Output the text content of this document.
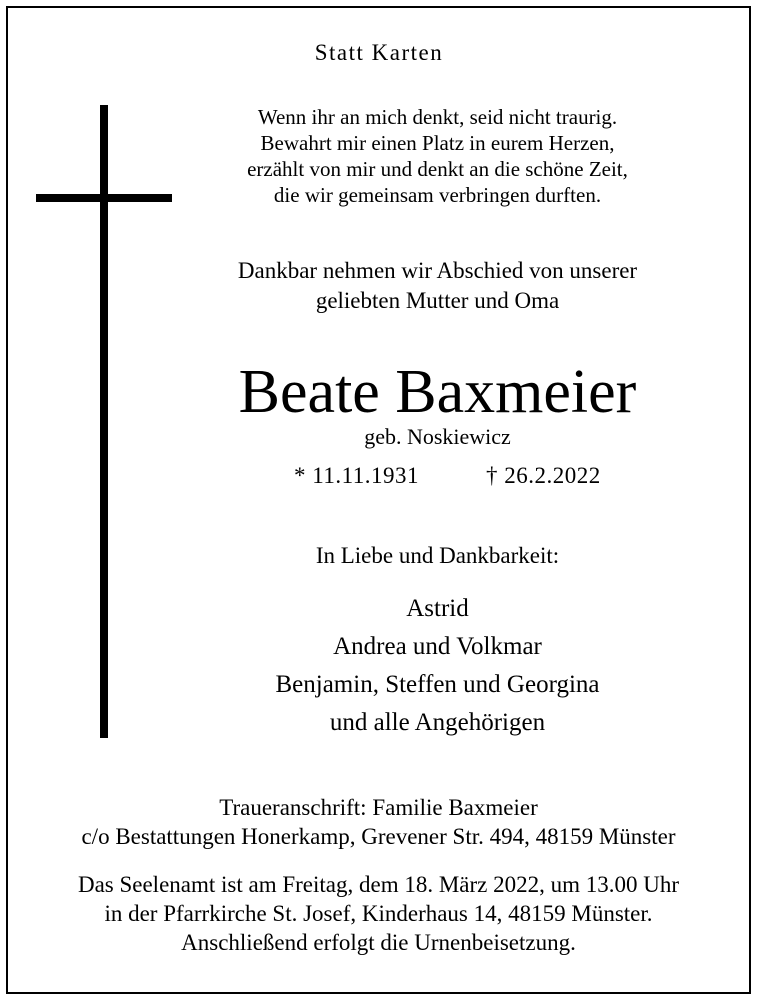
Statt Karten
Wenn ihr an mich denkt, seid nicht traurig.
Bewahrt mir einen Platz in eurem Herzen,
erzählt von mir und denkt an die schöne Zeit,
die wir gemeinsam verbringen durften.
Dankbar nehmen wir Abschied von unserer
geliebten Mutter und Oma
Beate Baxmeier
geb. Noskiewicz
* 11.11.1931	† 26.2.2022
In Liebe und Dankbarkeit:
Astrid
Andrea und Volkmar
Benjamin, Steffen und Georgina
und alle Angehörigen
Traueranschrift: Familie Baxmeier
c/o Bestattungen Honerkamp, Grevener Str. 494, 48159 Münster
Das Seelenamt ist am Freitag, dem 18. März 2022, um 13.00 Uhr
in der Pfarrkirche St. Josef, Kinderhaus 14, 48159 Münster.
Anschließend erfolgt die Urnenbeisetzung.
